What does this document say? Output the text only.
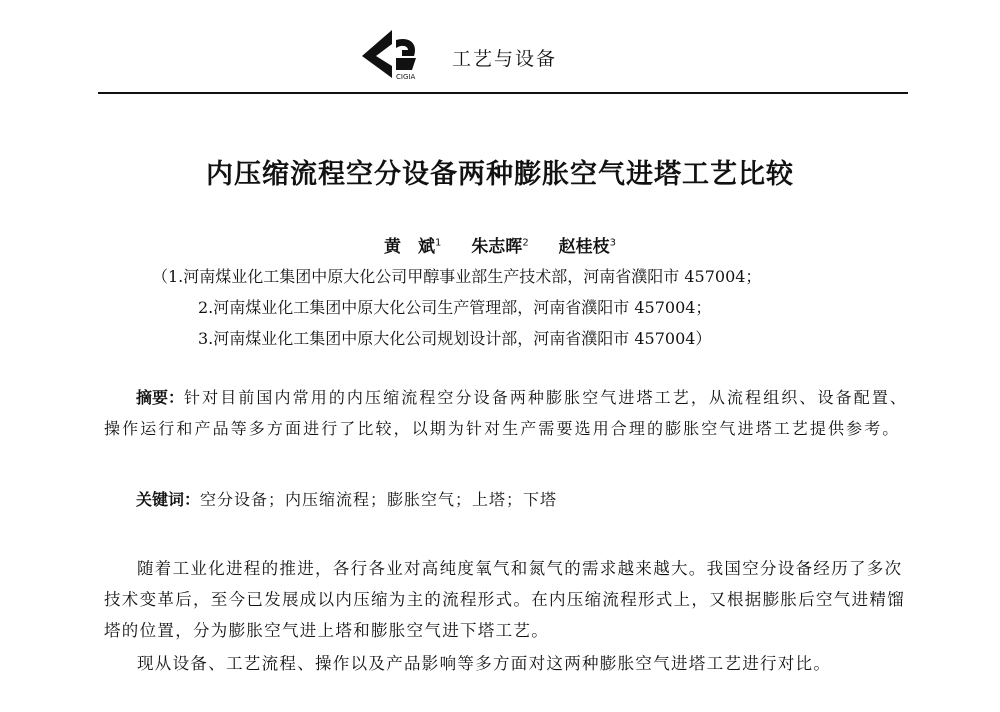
CIGIA
工艺与设备
内压缩流程空分设备两种膨胀空气进塔工艺比较
黄　斌$^1$ 朱志晖$^2$ 赵桂枝$^3$
（1.河南煤业化工集团中原大化公司甲醇事业部生产技术部，河南省濮阳市 457004；
2.河南煤业化工集团中原大化公司生产管理部，河南省濮阳市 457004；
3.河南煤业化工集团中原大化公司规划设计部，河南省濮阳市 457004）
摘要：针对目前国内常用的内压缩流程空分设备两种膨胀空气进塔工艺，从流程组织、设备配置、操作运行和产品等多方面进行了比较，以期为针对生产需要选用合理的膨胀空气进塔工艺提供参考。
关键词：空分设备；内压缩流程；膨胀空气；上塔；下塔
随着工业化进程的推进，各行各业对高纯度氧气和氮气的需求越来越大。我国空分设备经历了多次技术变革后，至今已发展成以内压缩为主的流程形式。在内压缩流程形式上，又根据膨胀后空气进精馏塔的位置，分为膨胀空气进上塔和膨胀空气进下塔工艺。
现从设备、工艺流程、操作以及产品影响等多方面对这两种膨胀空气进塔工艺进行对比。
